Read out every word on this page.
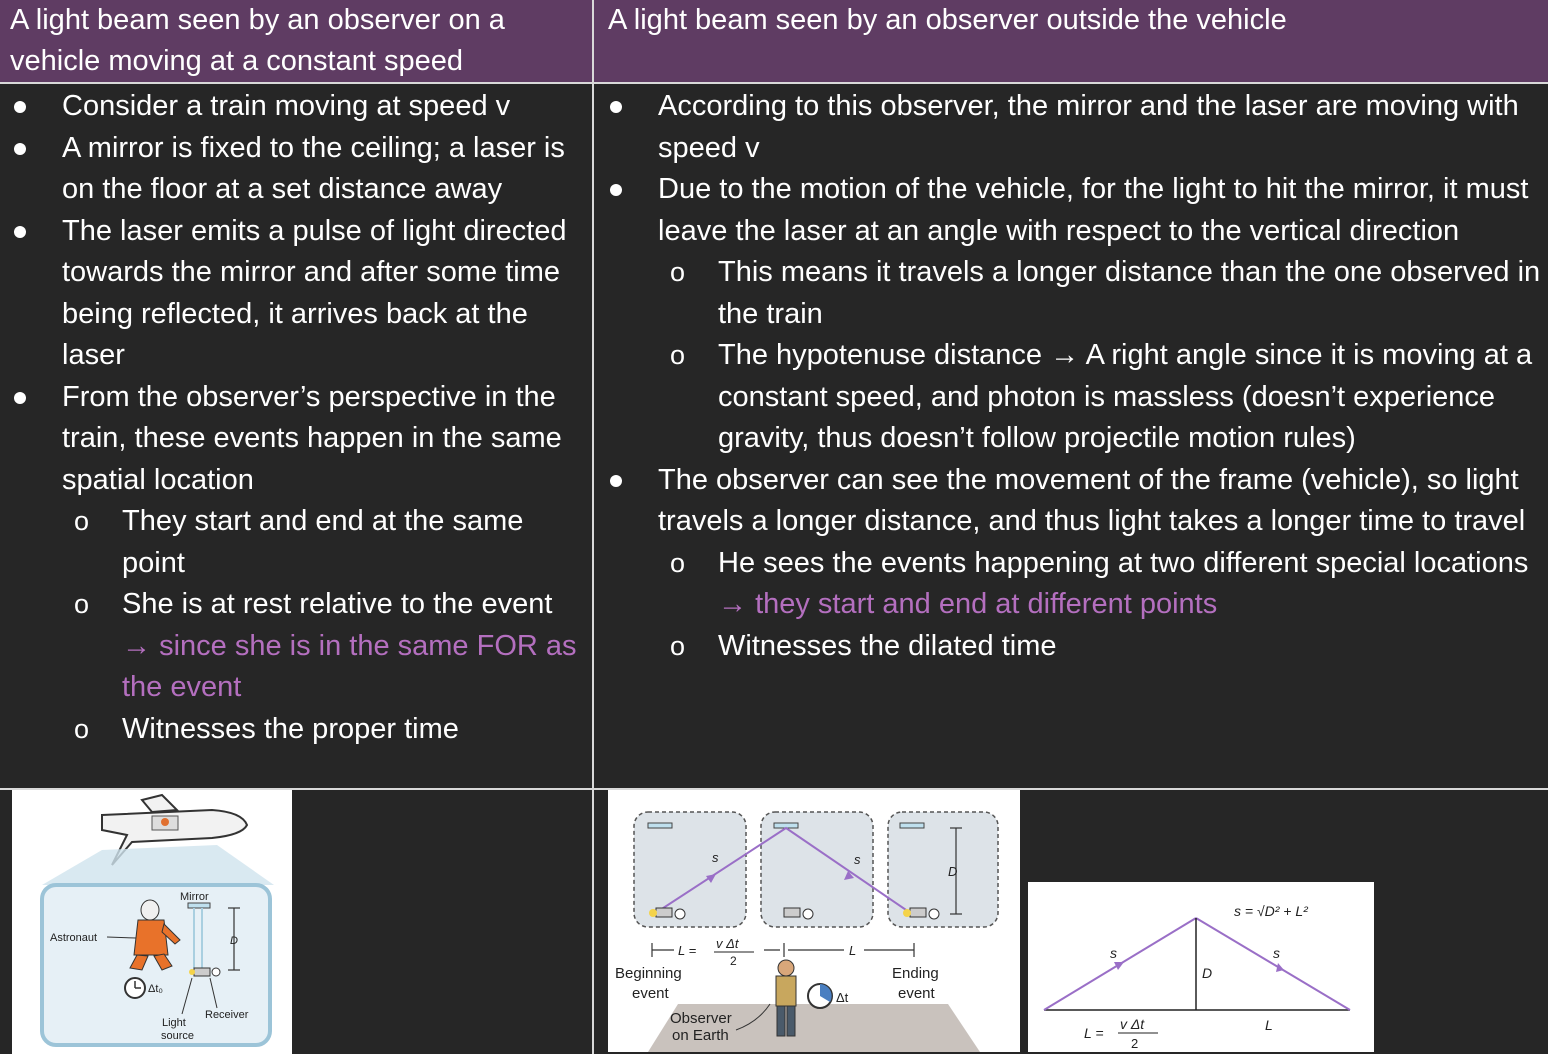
A light beam seen by an observer on a vehicle moving at a constant speed
A light beam seen by an observer outside the vehicle
Consider a train moving at speed v
A mirror is fixed to the ceiling; a laser is on the floor at a set distance away
The laser emits a pulse of light directed towards the mirror and after some time being reflected, it arrives back at the laser
From the observer’s perspective in the train, these events happen in the same spatial location
o They start and end at the same point
o She is at rest relative to the event → since she is in the same FOR as the event
o Witnesses the proper time
According to this observer, the mirror and the laser are moving with speed v
Due to the motion of the vehicle, for the light to hit the mirror, it must leave the laser at an angle with respect to the vertical direction
o This means it travels a longer distance than the one observed in the train
o The hypotenuse distance → A right angle since it is moving at a constant speed, and photon is massless (doesn’t experience gravity, thus doesn’t follow projectile motion rules)
The observer can see the movement of the frame (vehicle), so light travels a longer distance, and thus light takes a longer time to travel
o He sees the events happening at two different special locations → they start and end at different points
o Witnesses the dilated time
Mirror
D
Astronaut
Δt₀
Receiver
Light
source
s	s
D
L = v Δt
2
L
Δt
Beginning
event
Ending
event
Observer
on Earth
s = √D² + L²
s	s
D
L
L =
v Δt
2
